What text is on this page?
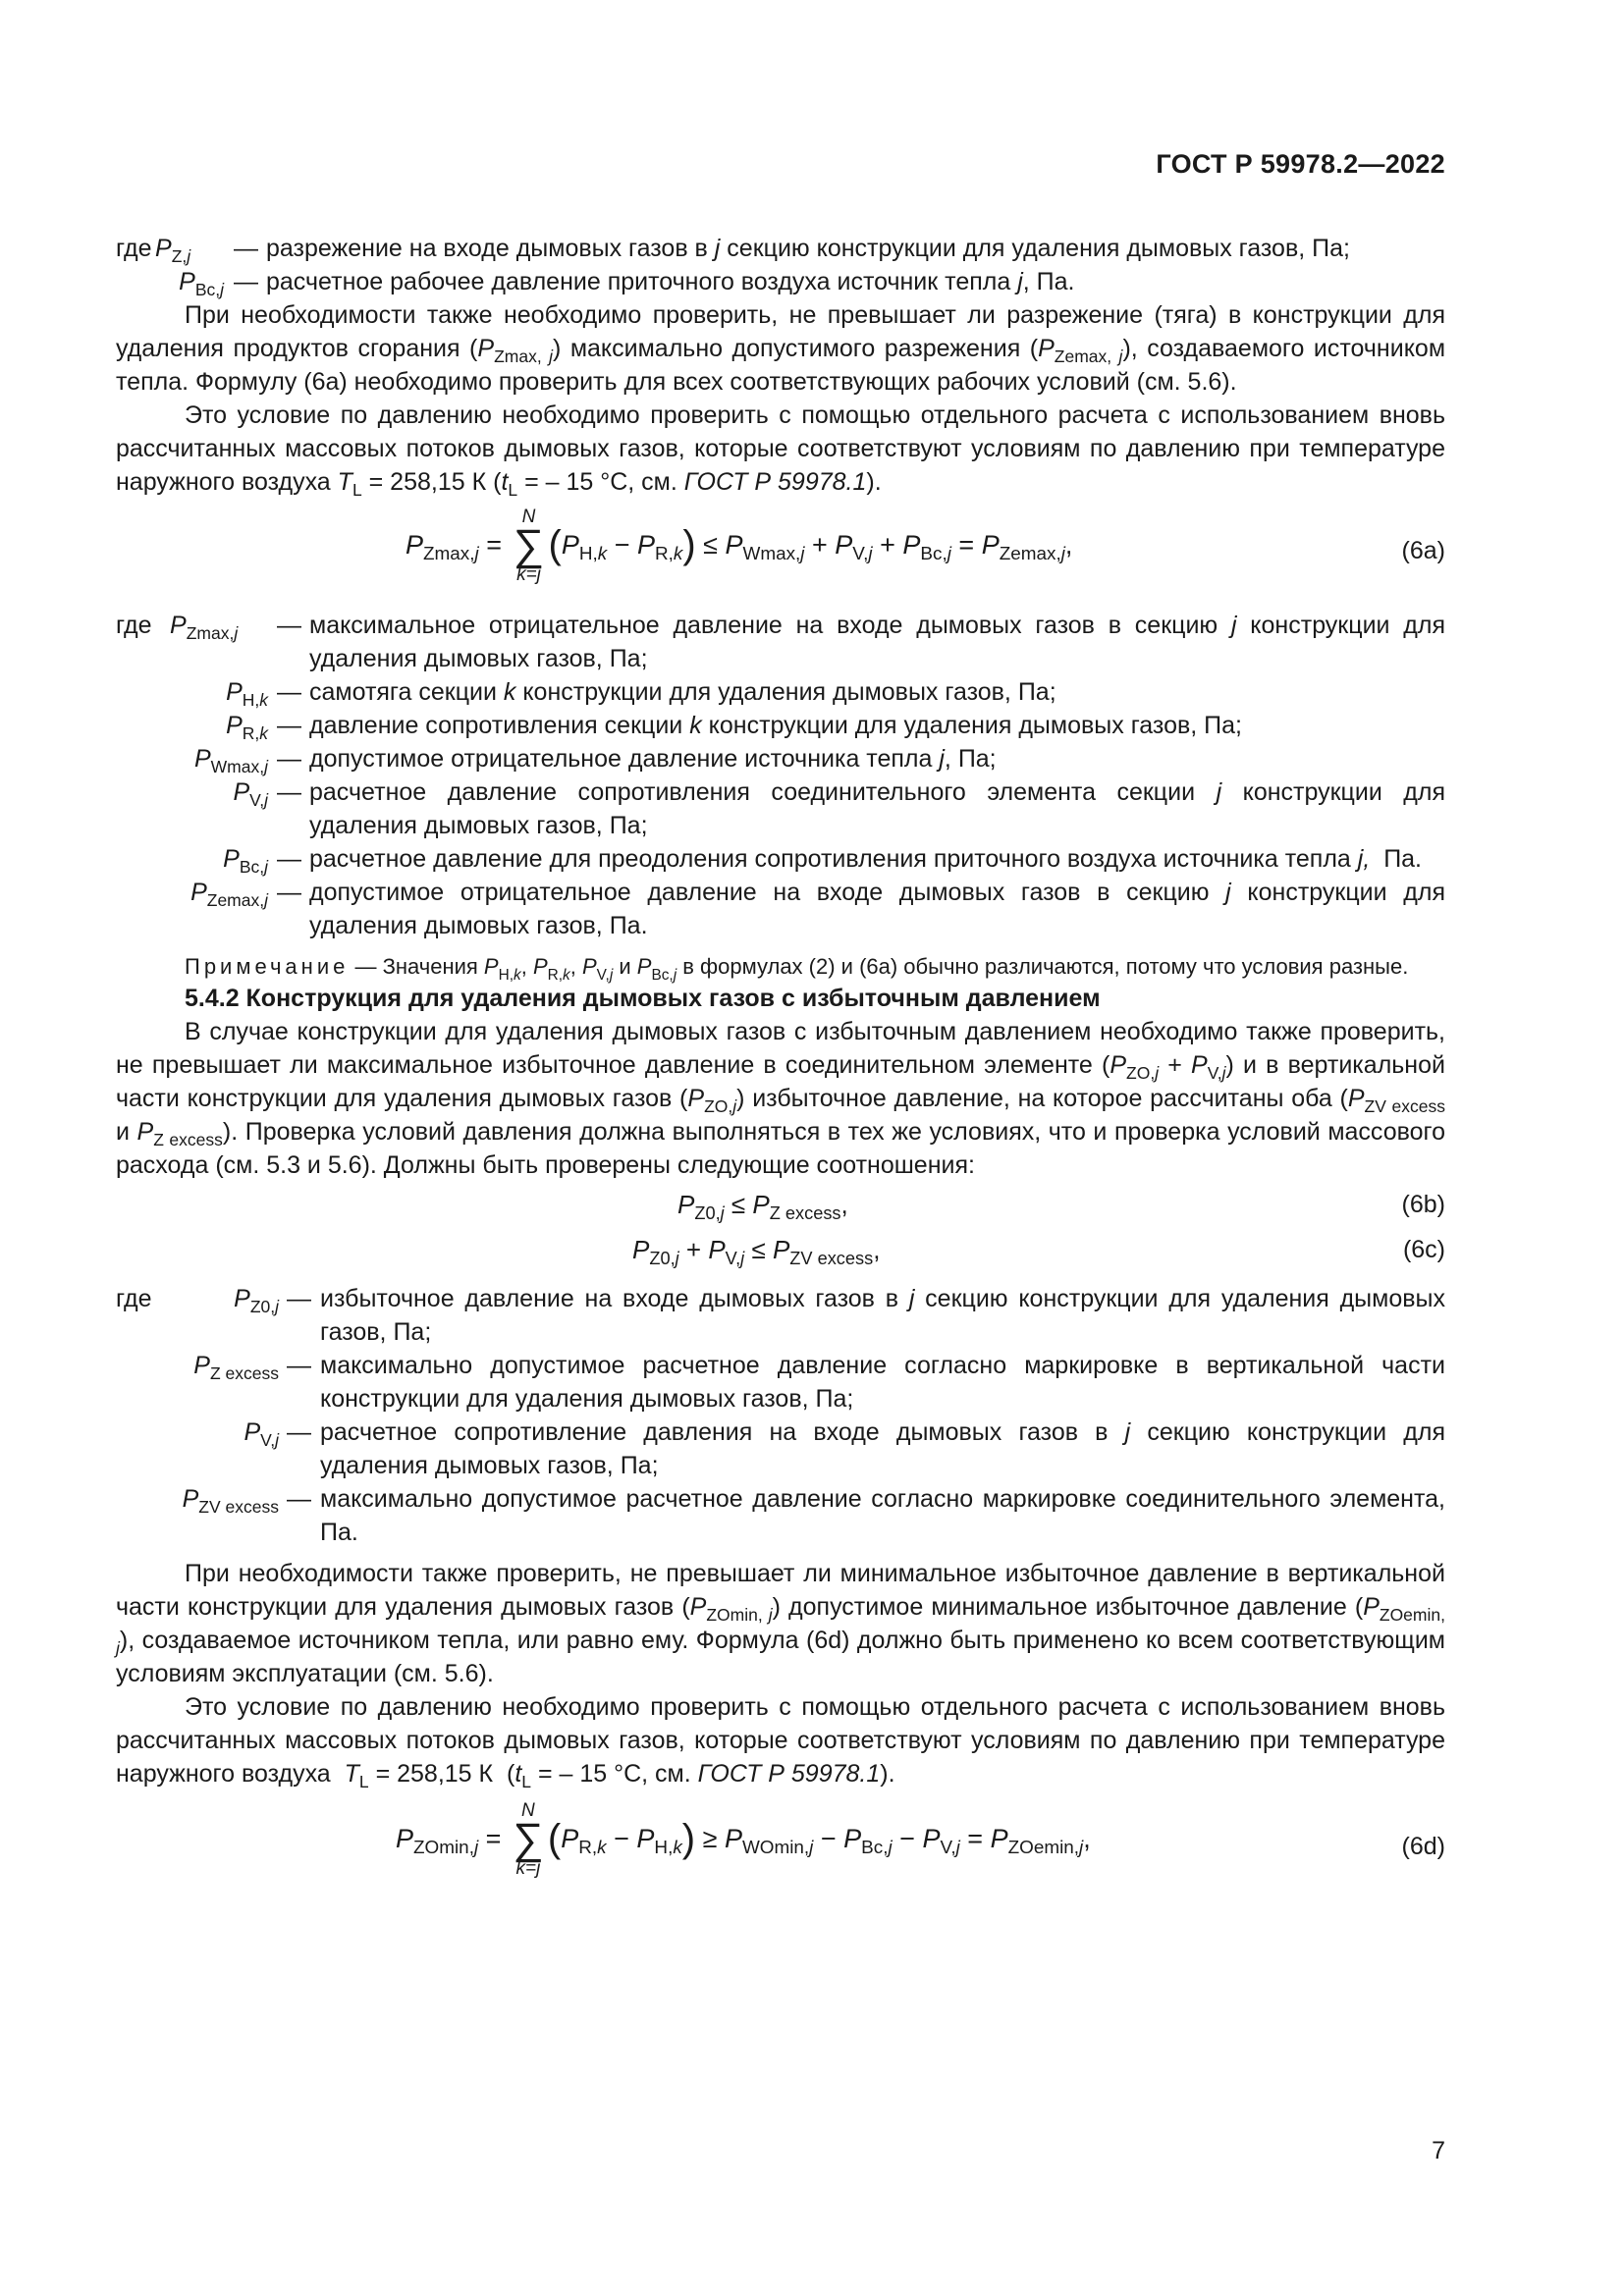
ГОСТ Р 59978.2—2022
где $P_{Z,j}$	— разрежение на входе дымовых газов в j секцию конструкции для удаления дымовых газов, Па;
$P_{Bc,j}$ — расчетное рабочее давление приточного воздуха источник тепла j, Па.

При необходимости также необходимо проверить, не превышает ли разрежение (тяга) в конструкции для удаления продуктов сгорания $(P_{Zmax, j})$ максимально допустимого разрежения $(P_{Zemax, j})$, создаваемого источником тепла. Формулу (6а) необходимо проверить для всех соответствующих рабочих условий (см. 5.6).

Это условие по давлению необходимо проверить с помощью отдельного расчета с использованием вновь рассчитанных массовых потоков дымовых газов, которые соответствуют условиям по давлению при температуре наружного воздуха $T_L = 258,15$ К ($t_L$ = – 15 °С, см. ГОСТ Р 59978.1).

$P_{Zmax,j}$ =
N
∑
k=j
$(P_{H,k} - P_{R,k}) \le P_{Wmax,j} + P_{V,j} + P_{Bc,j} = P_{Zemax,j}$,	(6a)
где $P_{Zmax,j}$	— максимальное отрицательное давление на входе дымовых газов в секцию j конструкции для удаления дымовых газов, Па;
$P_{H,k}$ — самотяга секции k конструкции для удаления дымовых газов, Па;
$P_{R,k}$ — давление сопротивления секции k конструкции для удаления дымовых газов, Па;
$P_{Wmax,j}$ — допустимое отрицательное давление источника тепла j, Па;
$P_{V,j}$ — расчетное давление сопротивления соединительного элемента секции j конструкции для удаления дымовых газов, Па;
$P_{Bc,j}$ — расчетное давление для преодоления сопротивления приточного воздуха источника тепла j,  Па.
$P_{Zemax,j}$ — допустимое отрицательное давление на входе дымовых газов в секцию j конструкции для удаления дымовых газов, Па.
Примечание — Значения $P_{H,k}$, $P_{R,k}$, $P_{V,j}$ и $P_{Bc,j}$ в формулах (2) и (6а) обычно различаются, потому что условия разные.

5.4.2 Конструкция для удаления дымовых газов с избыточным давлением

В случае конструкции для удаления дымовых газов с избыточным давлением необходимо также проверить, не превышает ли максимальное избыточное давление в соединительном элементе $(P_{ZO,j} + P_{V,j})$ и в вертикальной части конструкции для удаления дымовых газов $(P_{ZO,j})$ избыточное давление, на которое рассчитаны оба ($P_{ZV excess}$ и $P_{Z excess}$). Проверка условий давления должна выполняться в тех же условиях, что и проверка условий массового расхода (см. 5.3 и 5.6). Должны быть проверены следующие соотношения:

$P_{Z0,j} \le P_{Z excess}$,	(6b)
$P_{Z0,j} + P_{V,j} \le P_{ZV excess}$,	(6c)
где	$P_{Z0,j}$ — избыточное давление на входе дымовых газов в j секцию конструкции для удаления дымовых газов, Па;
$P_{Z excess}$ — максимально допустимое расчетное давление согласно маркировке в вертикальной части конструкции для удаления дымовых газов, Па;
$P_{V,j}$ — расчетное сопротивление давления на входе дымовых газов в j секцию конструкции для удаления дымовых газов, Па;
$P_{ZV excess}$ — максимально допустимое расчетное давление согласно маркировке соединительного элемента, Па.

При необходимости также проверить, не превышает ли минимальное избыточное давление в вертикальной части конструкции для удаления дымовых газов $(P_{ZOmin, j})$ допустимое минимальное избыточное давление $(P_{ZOemin, j})$, создаваемое источником тепла, или равно ему. Формула (6d) должно быть применено ко всем соответствующим условиям эксплуатации (см. 5.6).

Это условие по давлению необходимо проверить с помощью отдельного расчета с использованием вновь рассчитанных массовых потоков дымовых газов, которые соответствуют условиям по давлению при температуре наружного воздуха  $T_L = 258,15$ К  ($t_L$ = – 15 °С, см. ГОСТ Р 59978.1).

$P_{ZOmin,j}$ =
N
∑
k=j
$(P_{R,k} - P_{H,k}) \ge P_{WOmin,j} - P_{Bc,j} - P_{V,j} = P_{ZOemin,j}$,	(6d)
7
